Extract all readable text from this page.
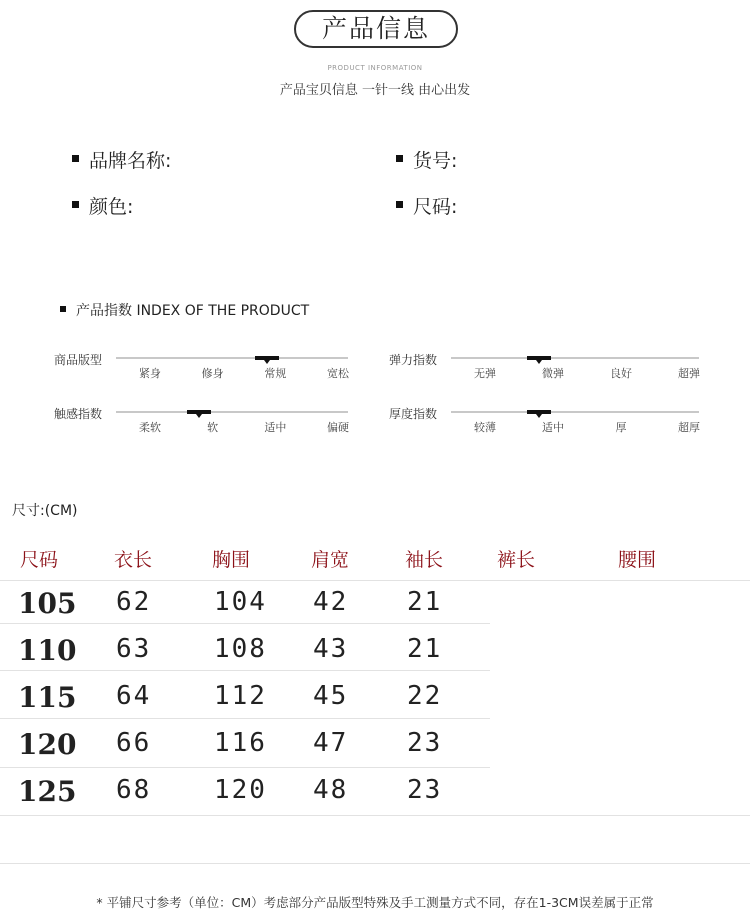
产品信息
PRODUCT INFORMATION
产品宝贝信息 一针一线 由心出发
品牌名称:	货号:
颜色:	尺码:
产品指数 INDEX OF THE PRODUCT
商品版型
紧身	修身	常规	宽松
弹力指数
无弹	微弹	良好	超弹
触感指数
柔软	软	适中	偏硬
厚度指数
较薄	适中	厚	超厚
尺寸:(CM)
尺码	衣长	胸围	肩宽	袖长	裤长	腰围
105 62 104 42 21
110 63 108 43 21
115 64 112 45 22
120 66 116 47 23
125 68 120 48 23
* 平铺尺寸参考（单位：CM）考虑部分产品版型特殊及手工测量方式不同，存在1-3CM误差属于正常
